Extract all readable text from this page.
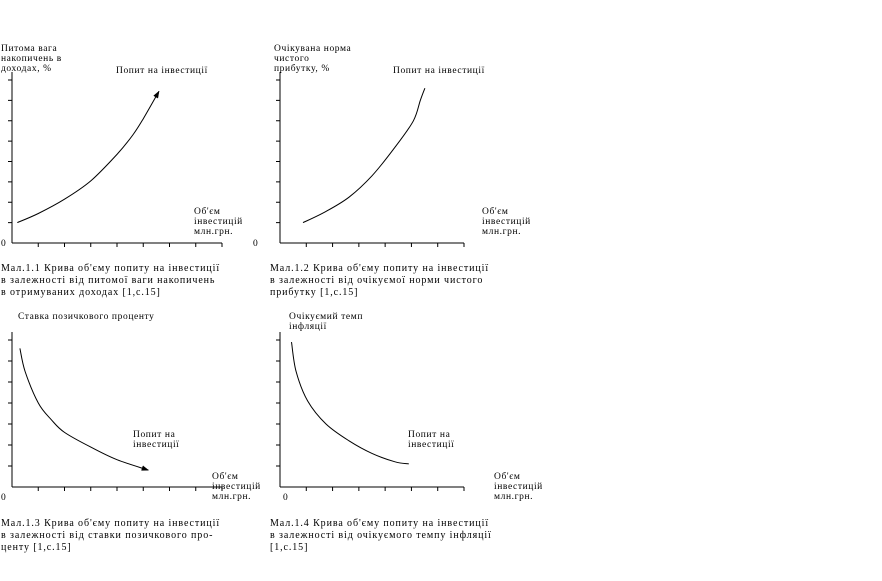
Питома вага
накопичень в
доходах, %	Попит на інвестиції
Об'єм
інвестицій
млн.грн.
0
Мал.1.1 Крива об'єму попиту на інвестиції
в залежності від питомої ваги накопичень
в отримуваних доходах [1,с.15]
Очікувана норма
чистого
прибутку, %	Попит на інвестиції
Об'єм
інвестицій
млн.грн.
0
Мал.1.2 Крива об'єму попиту на інвестиції
в залежності від очікуємої норми чистого
прибутку [1,с.15]
Ставка позичкового проценту
Попит на
інвестиції
Об'єм
інвестицій
млн.грн.
0
Мал.1.3 Крива об'єму попиту на інвестиції
в залежності від ставки позичкового про-
центу [1,с.15]
Очікуємий темп
інфляції
Попит на
інвестиції
Об'єм
інвестицій
млн.грн.
0
Мал.1.4 Крива об'єму попиту на інвестиції
в залежності від очікуємого темпу інфляції
[1,с.15]
